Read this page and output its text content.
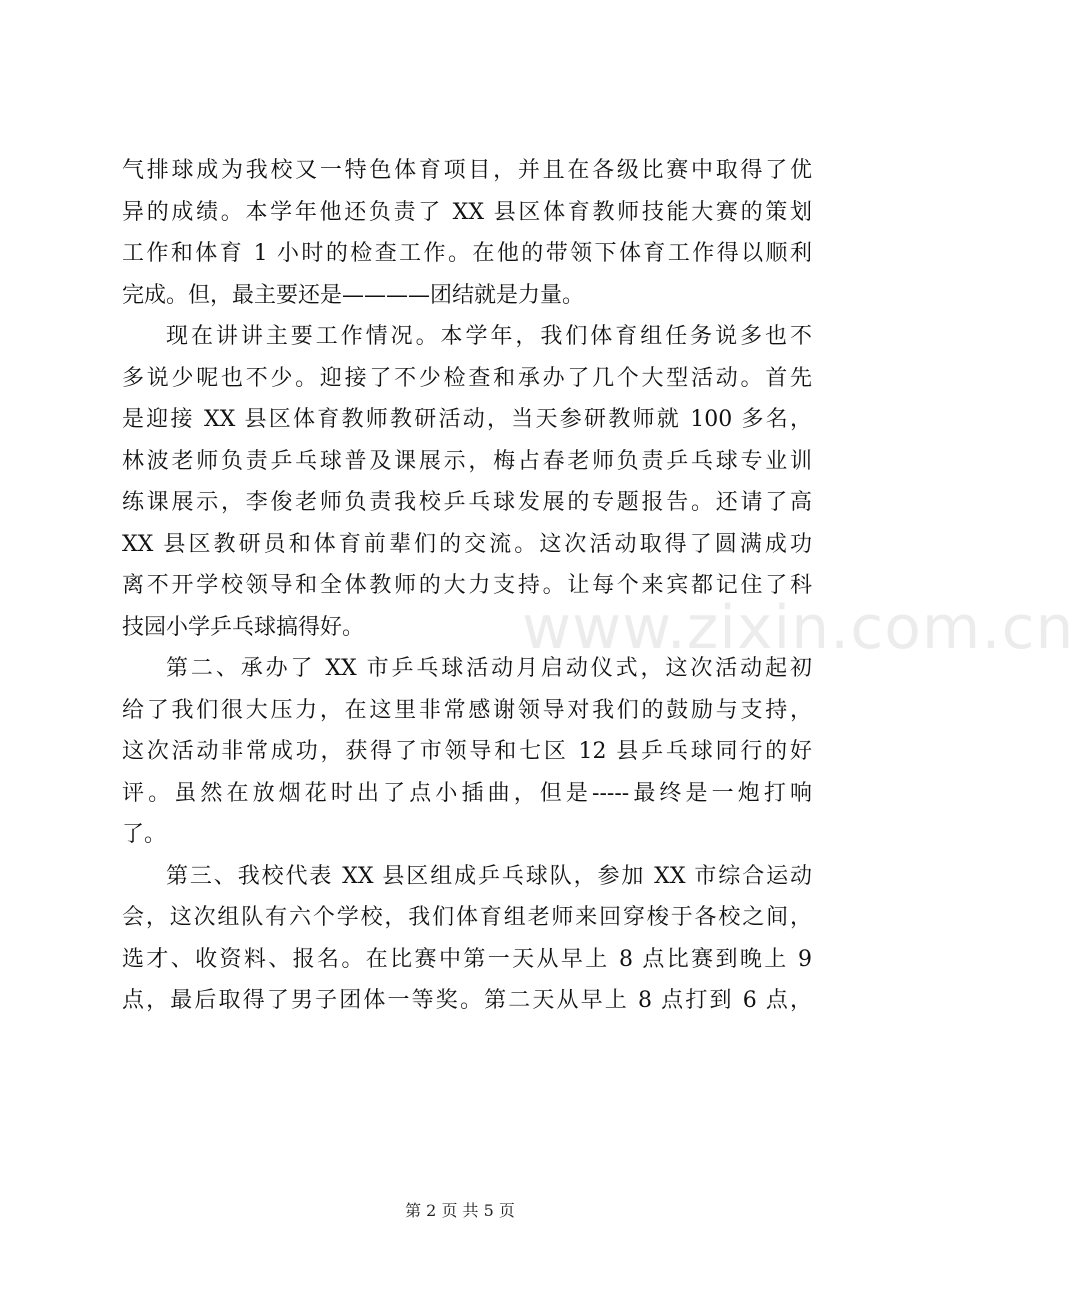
气排球成为我校又一特色体育项目，并且在各级比赛中取得了优
异的成绩。本学年他还负责了 XX 县区体育教师技能大赛的策划
工作和体育 1 小时的检查工作。在他的带领下体育工作得以顺利
完成。但，最主要还是————团结就是力量。
现在讲讲主要工作情况。本学年，我们体育组任务说多也不
多说少呢也不少。迎接了不少检查和承办了几个大型活动。首先
是迎接 XX 县区体育教师教研活动，当天参研教师就 100 多名，
林波老师负责乒乓球普及课展示，梅占春老师负责乒乓球专业训
练课展示，李俊老师负责我校乒乓球发展的专题报告。还请了高
XX 县区教研员和体育前辈们的交流。这次活动取得了圆满成功
离不开学校领导和全体教师的大力支持。让每个来宾都记住了科
技园小学乒乓球搞得好。
第二、承办了 XX 市乒乓球活动月启动仪式，这次活动起初
给了我们很大压力，在这里非常感谢领导对我们的鼓励与支持，
这次活动非常成功，获得了市领导和七区 12 县乒乓球同行的好
评。虽然在放烟花时出了点小插曲，但是-----最终是一炮打响
了。
第三、我校代表 XX 县区组成乒乓球队，参加 XX 市综合运动
会，这次组队有六个学校，我们体育组老师来回穿梭于各校之间，
选才、收资料、报名。在比赛中第一天从早上 8 点比赛到晚上 9
点，最后取得了男子团体一等奖。第二天从早上 8 点打到 6 点，
www.zixin.com.cn
第 2 页 共 5 页
